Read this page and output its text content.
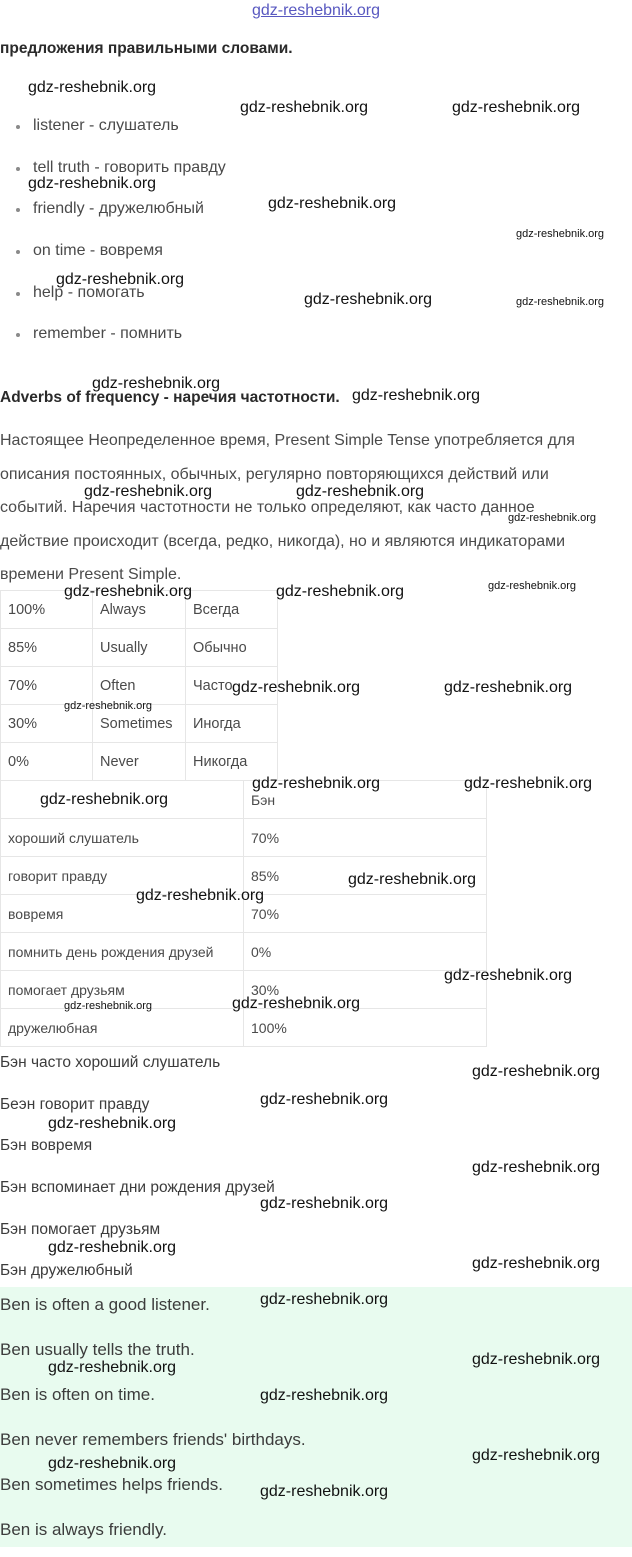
gdz-reshebnik.org
предложения правильными словами.
listener - слушатель
tell truth - говорить правду
friendly - дружелюбный
on time - вовремя
help - помогать
remember - помнить
Adverbs of frequency - наречия частотности.
Настоящее Неопределенное время, Present Simple Tense употребляется для
описания постоянных, обычных, регулярно повторяющихся действий или
событий. Наречия частотности не только определяют, как часто данное
действие происходит (всегда, редко, никогда), но и являются индикаторами
времени Present Simple.
100%	Always	Всегда
85%	Usually	Обычно
70%	Often	Часто
30%	Sometimes	Иногда
0%	Never	Никогда
	Бэн
хороший слушатель	70%
говорит правду	85%
вовремя	70%
помнить день рождения друзей	0%
помогает друзьям	30%
дружелюбная	100%
Бэн часто хороший слушатель
Беэн говорит правду
Бэн вовремя
Бэн вспоминает дни рождения друзей
Бэн помогает друзьям
Бэн дружелюбный
Ben is often a good listener.
Ben usually tells the truth.
Ben is often on time.
Ben never remembers friends' birthdays.
Ben sometimes helps friends.
Ben is always friendly.
gdz-reshebnik.org
gdz-reshebnik.org	gdz-reshebnik.org
gdz-reshebnik.org
gdz-reshebnik.org
gdz-reshebnik.org
gdz-reshebnik.org
gdz-reshebnik.org	gdz-reshebnik.org
gdz-reshebnik.org
gdz-reshebnik.org
gdz-reshebnik.org	gdz-reshebnik.org
gdz-reshebnik.org
gdz-reshebnik.org	gdz-reshebnik.org	gdz-reshebnik.org
gdz-reshebnik.org	gdz-reshebnik.org
gdz-reshebnik.org
gdz-reshebnik.org	gdz-reshebnik.org
gdz-reshebnik.org
gdz-reshebnik.org
gdz-reshebnik.org
gdz-reshebnik.org
gdz-reshebnik.org
gdz-reshebnik.org
gdz-reshebnik.org
gdz-reshebnik.org
gdz-reshebnik.org
gdz-reshebnik.org
gdz-reshebnik.org
gdz-reshebnik.org
gdz-reshebnik.org
gdz-reshebnik.org
gdz-reshebnik.org
gdz-reshebnik.org
gdz-reshebnik.org
gdz-reshebnik.org
gdz-reshebnik.org
gdz-reshebnik.org
